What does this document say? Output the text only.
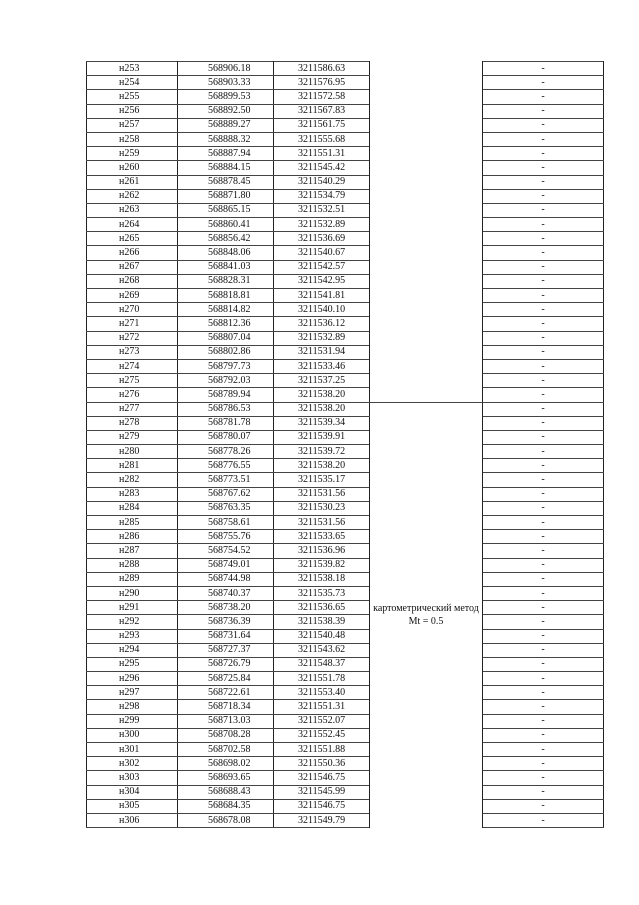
н253	568906.18	3211586.63		-
н254	568903.33	3211576.95		-
н255	568899.53	3211572.58		-
н256	568892.50	3211567.83		-
н257	568889.27	3211561.75		-
н258	568888.32	3211555.68		-
н259	568887.94	3211551.31		-
н260	568884.15	3211545.42		-
н261	568878.45	3211540.29		-
н262	568871.80	3211534.79		-
н263	568865.15	3211532.51		-
н264	568860.41	3211532.89		-
н265	568856.42	3211536.69		-
н266	568848.06	3211540.67		-
н267	568841.03	3211542.57		-
н268	568828.31	3211542.95		-
н269	568818.81	3211541.81		-
н270	568814.82	3211540.10		-
н271	568812.36	3211536.12		-
н272	568807.04	3211532.89		-
н273	568802.86	3211531.94		-
н274	568797.73	3211533.46		-
н275	568792.03	3211537.25		-
н276	568789.94	3211538.20		-
н277	568786.53	3211538.20	картометрический метод Mt = 0.5	-
н278	568781.78	3211539.34		-
н279	568780.07	3211539.91		-
н280	568778.26	3211539.72		-
н281	568776.55	3211538.20		-
н282	568773.51	3211535.17		-
н283	568767.62	3211531.56		-
н284	568763.35	3211530.23		-
н285	568758.61	3211531.56		-
н286	568755.76	3211533.65		-
н287	568754.52	3211536.96		-
н288	568749.01	3211539.82		-
н289	568744.98	3211538.18		-
н290	568740.37	3211535.73		-
н291	568738.20	3211536.65		-
н292	568736.39	3211538.39		-
н293	568731.64	3211540.48		-
н294	568727.37	3211543.62		-
н295	568726.79	3211548.37		-
н296	568725.84	3211551.78		-
н297	568722.61	3211553.40		-
н298	568718.34	3211551.31		-
н299	568713.03	3211552.07		-
н300	568708.28	3211552.45		-
н301	568702.58	3211551.88		-
н302	568698.02	3211550.36		-
н303	568693.65	3211546.75		-
н304	568688.43	3211545.99		-
н305	568684.35	3211546.75		-
н306	568678.08	3211549.79		-
